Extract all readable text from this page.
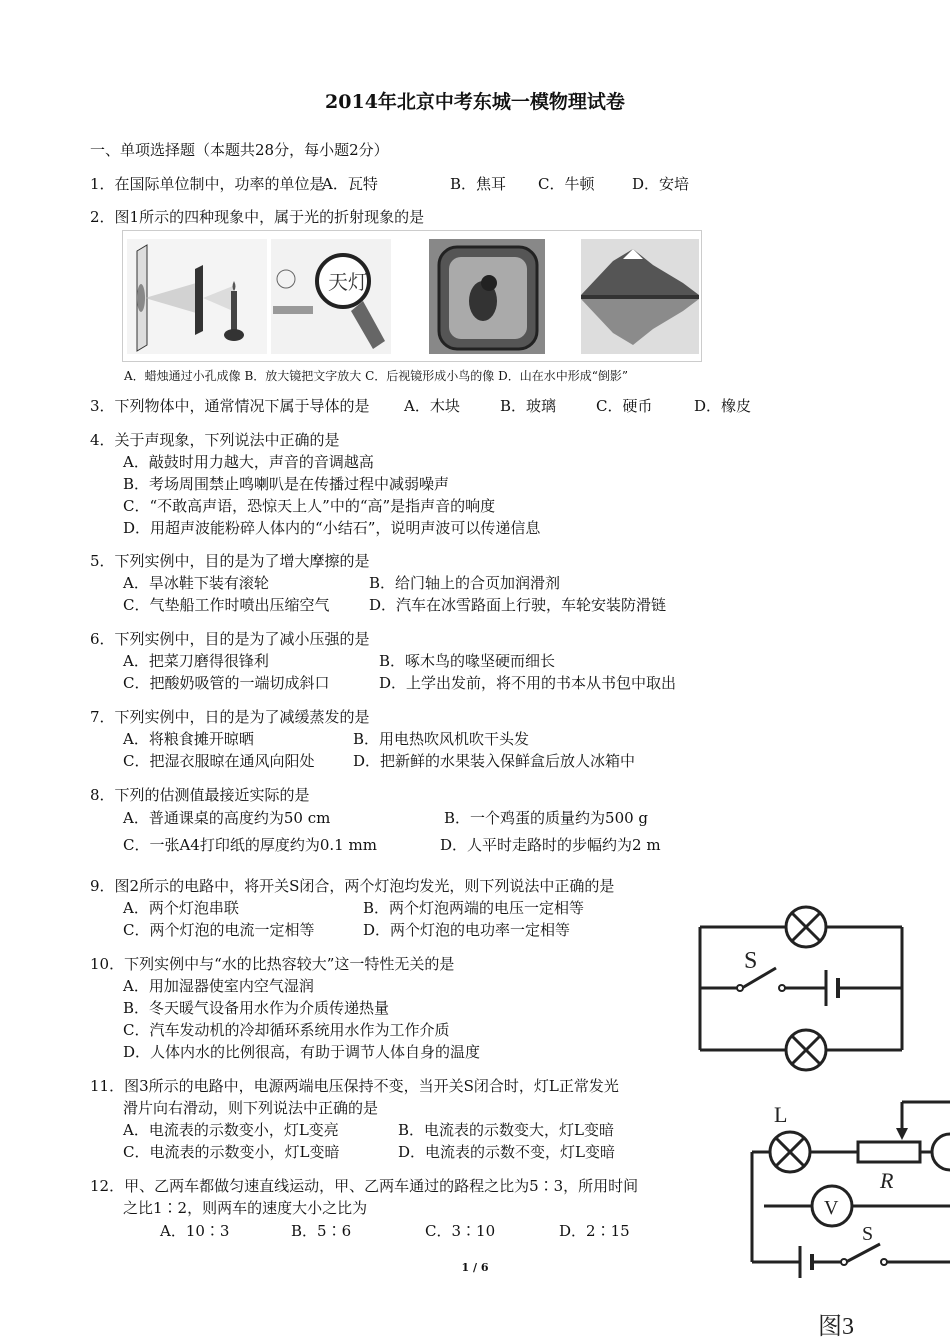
2014年北京中考东城一模物理试卷
一、单项选择题（本题共28分，每小题2分）
1．在国际单位制中，功率的单位是
A．瓦特	B．焦耳 C．牛顿	D．安培
2．图1所示的四种现象中，属于光的折射现象的是
天灯
A．蜡烛通过小孔成像 B．放大镜把文字放大 C．后视镜形成小鸟的像 D．山在水中形成“倒影”
3．下列物体中，通常情况下属于导体的是 A．木块	B．玻璃	C．硬币	D．橡皮
4．关于声现象，下列说法中正确的是
A．敲鼓时用力越大，声音的音调越高
B．考场周围禁止鸣喇叭是在传播过程中减弱噪声
C．“不敢高声语，恐惊天上人”中的“高”是指声音的响度
D．用超声波能粉碎人体内的“小结石”，说明声波可以传递信息
5．下列实例中，目的是为了增大摩擦的是
A．旱冰鞋下装有滚轮	B．给门轴上的合页加润滑剂
C．气垫船工作时喷出压缩空气	D．汽车在冰雪路面上行驶，车轮安装防滑链
6．下列实例中，目的是为了减小压强的是
A．把菜刀磨得很锋利	B．啄木鸟的喙坚硬而细长
C．把酸奶吸管的一端切成斜口	D．上学出发前，将不用的书本从书包中取出
7．下列实例中，日的是为了减缓蒸发的是
A．将粮食摊开晾晒	B．用电热吹风机吹干头发
C．把湿衣服晾在通风向阳处	D．把新鲜的水果装入保鲜盒后放人冰箱中
8．下列的估测值最接近实际的是
A．普通课桌的高度约为50 cm	B．一个鸡蛋的质量约为500 g
C．一张A4打印纸的厚度约为0.1 mm	D．人平时走路时的步幅约为2 m
9．图2所示的电路中，将开关S闭合，两个灯泡均发光，则下列说法中正确的是
A．两个灯泡串联	B．两个灯泡两端的电压一定相等
C．两个灯泡的电流一定相等	D．两个灯泡的电功率一定相等
10．下列实例中与“水的比热容较大”这一特性无关的是
A．用加湿器使室内空气湿润
B．冬天暖气设备用水作为介质传递热量
C．汽车发动机的冷却循环系统用水作为工作介质
D．人体内水的比例很高，有助于调节人体自身的温度
11．图3所示的电路中，电源两端电压保持不变，当开关S闭合时，灯L正常发光
滑片向右滑动，则下列说法中正确的是
A．电流表的示数变小，灯L变亮	B．电流表的示数变大，灯L变暗
C．电流表的示数变小，灯L变暗	D．电流表的示数不变，灯L变暗
12．甲、乙两车都做匀速直线运动，甲、乙两车通过的路程之比为5∶3，所用时间
之比1∶2，则两车的速度大小之比为
A．10∶3	B．5∶6	C．3∶10	D．2∶15
S
L
R
V
S
图3
1 / 6
